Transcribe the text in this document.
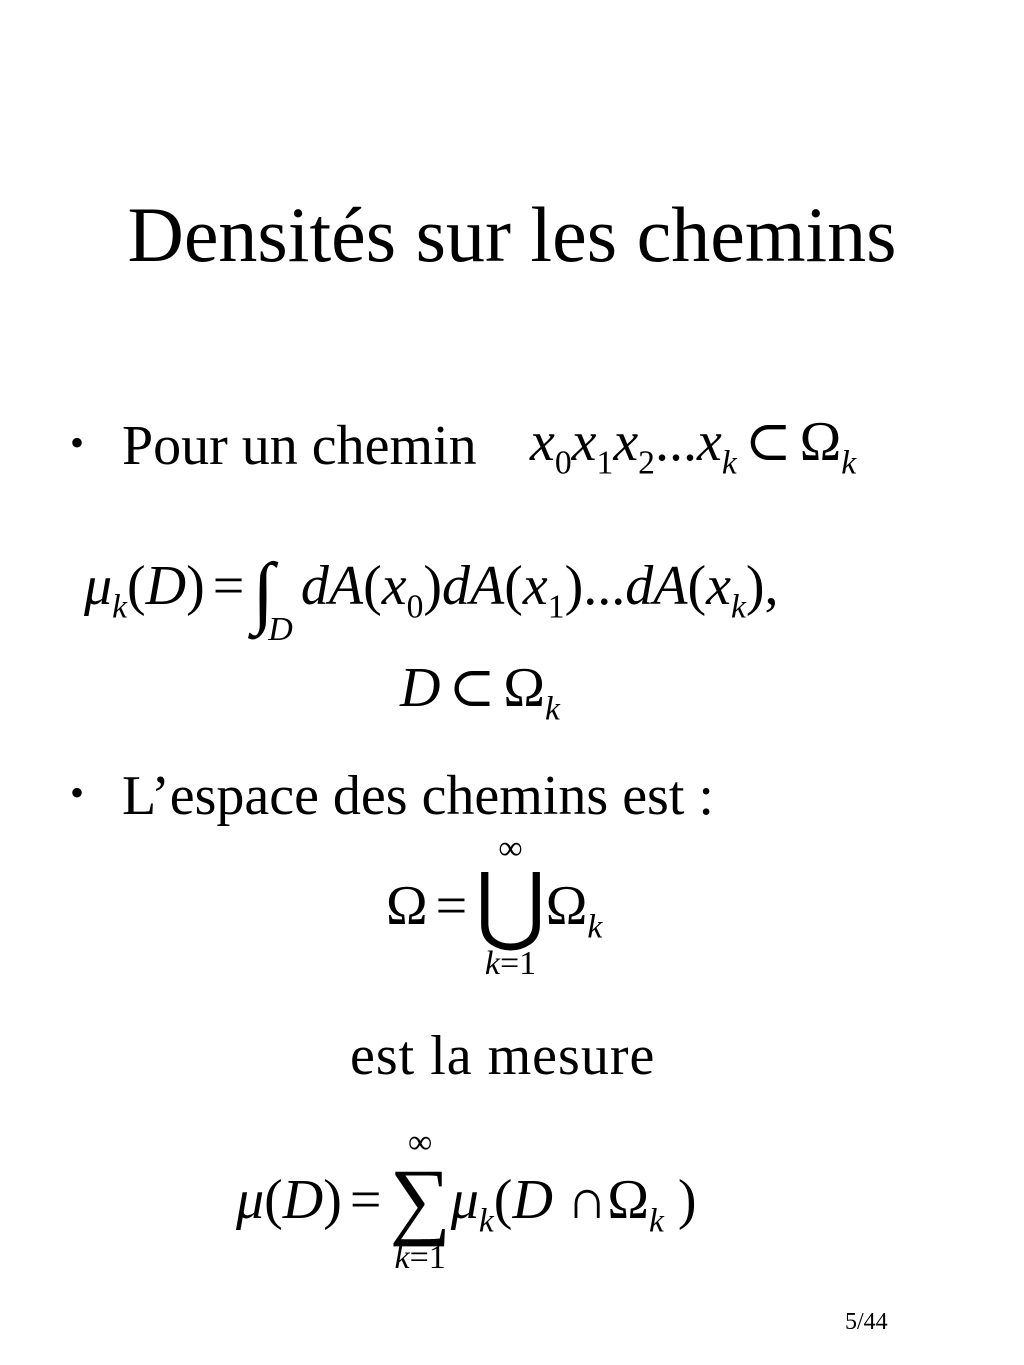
Densités sur les chemins
• Pour un chemin $x_0x_1x_2...x_k$ ⊂ $\Omega_k$
$\mu_k(D) = \int_DdA(x_0)dA(x_1)...dA(x_k)$,
D ⊂ $\Omega_k$
• L’espace des chemins est :
Ω =
∞
⋃
k=1
$\Omega_k$
est la mesure
μ(D) =
∞
∑
k=1
$\mu_k(D$ $\cap\Omega_k$ )
5/44
